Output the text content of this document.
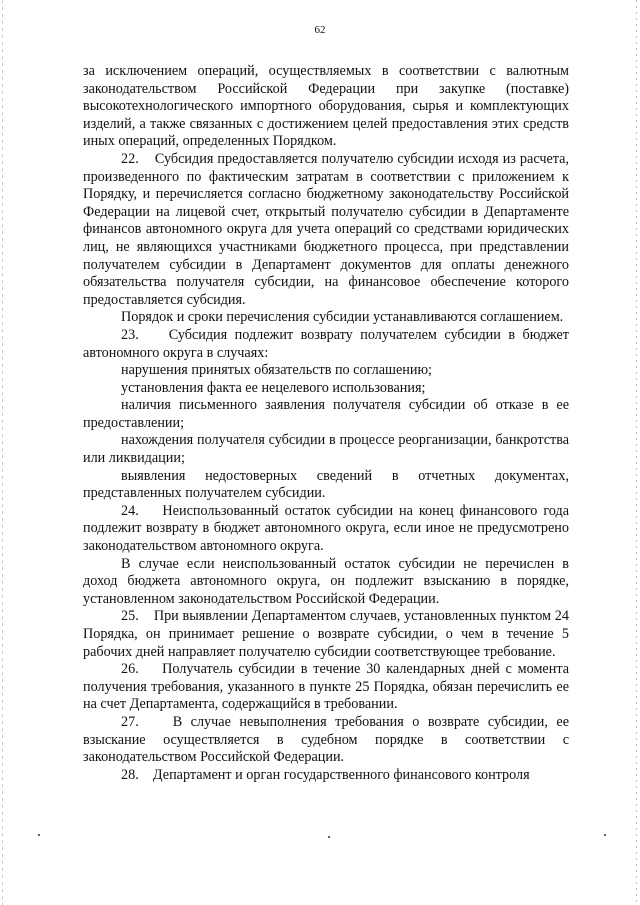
62

за исключением операций, осуществляемых в соответствии с валютным законодательством Российской Федерации при закупке (поставке) высокотехнологического импортного оборудования, сырья и комплектующих изделий, а также связанных с достижением целей предоставления этих средств иных операций, определенных Порядком.

22.    Субсидия предоставляется получателю субсидии исходя из расчета, произведенного по фактическим затратам в соответствии с приложением к Порядку, и перечисляется согласно бюджетному законодательству Российской Федерации на лицевой счет, открытый получателю субсидии в Департаменте финансов автономного округа для учета операций со средствами юридических лиц, не являющихся участниками бюджетного процесса, при представлении получателем субсидии в Департамент документов для оплаты денежного обязательства получателя субсидии, на финансовое обеспечение которого предоставляется субсидия.

Порядок и сроки перечисления субсидии устанавливаются соглашением.

23.    Субсидия подлежит возврату получателем субсидии в бюджет автономного округа в случаях:

нарушения принятых обязательств по соглашению;

установления факта ее нецелевого использования;

наличия письменного заявления получателя субсидии об отказе в ее предоставлении;

нахождения получателя субсидии в процессе реорганизации, банкротства или ликвидации;

выявления недостоверных сведений в отчетных документах, представленных получателем субсидии.

24.    Неиспользованный остаток субсидии на конец финансового года подлежит возврату в бюджет автономного округа, если иное не предусмотрено законодательством автономного округа.

В случае если неиспользованный остаток субсидии не перечислен в доход бюджета автономного округа, он подлежит взысканию в порядке, установленном законодательством Российской Федерации.

25.    При выявлении Департаментом случаев, установленных пунктом 24 Порядка, он принимает решение о возврате субсидии, о чем в течение 5 рабочих дней направляет получателю субсидии соответствующее требование.

26.    Получатель субсидии в течение 30 календарных дней с момента получения требования, указанного в пункте 25 Порядка, обязан перечислить ее на счет Департамента, содержащийся в требовании.

27.    В случае невыполнения требования о возврате субсидии, ее взыскание осуществляется в судебном порядке в соответствии с законодательством Российской Федерации.

28.    Департамент и орган государственного финансового контроля
